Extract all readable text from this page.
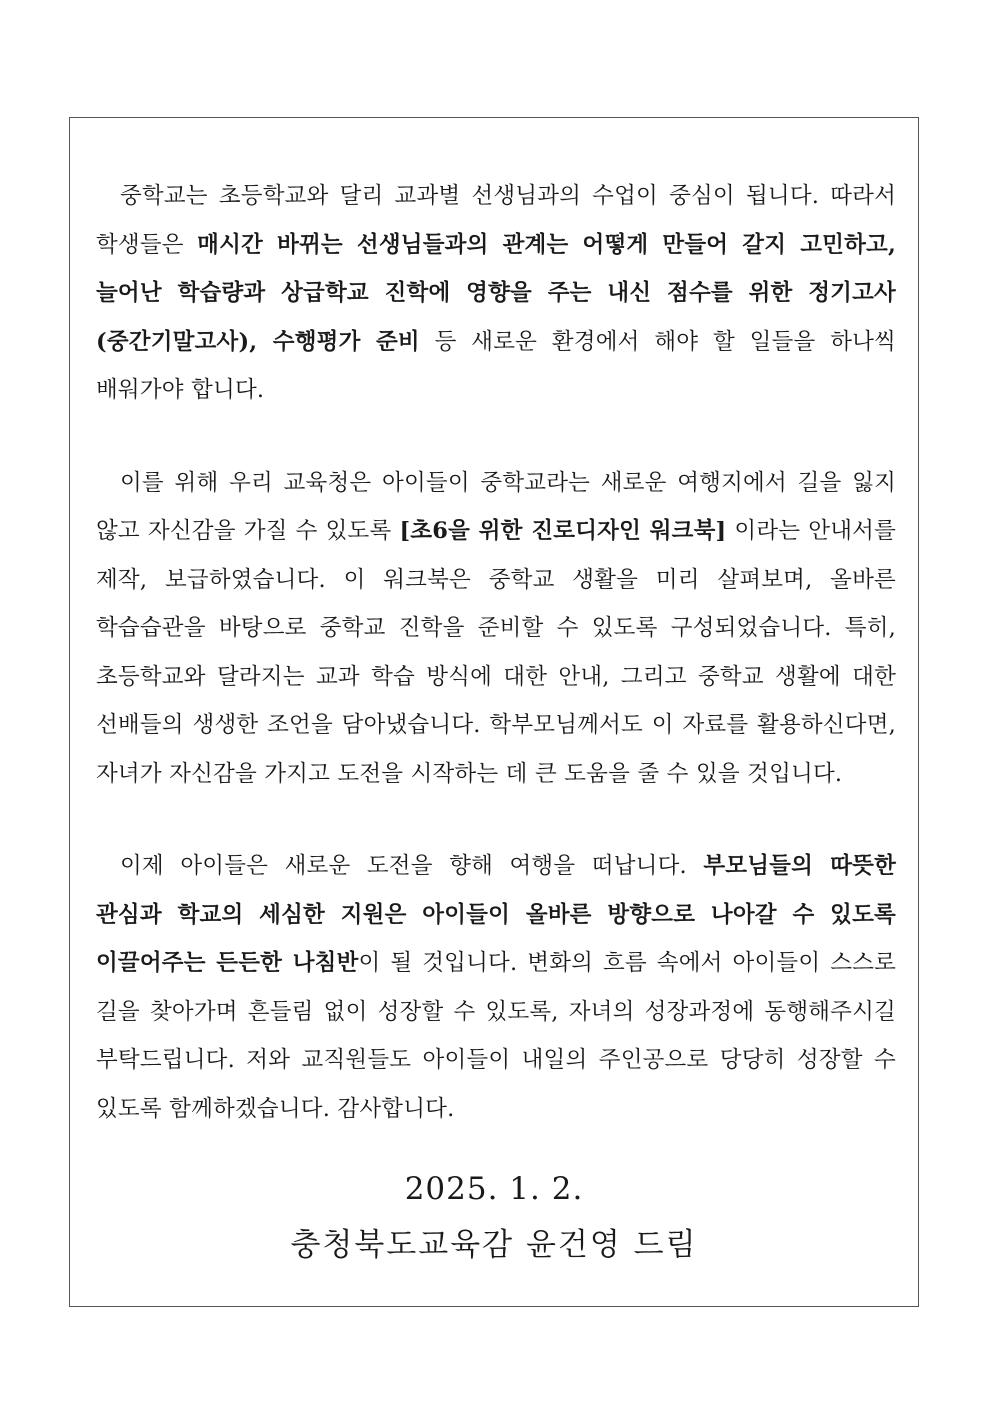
중학교는 초등학교와 달리 교과별 선생님과의 수업이 중심이 됩니다. 따라서 학생들은 매시간 바뀌는 선생님들과의 관계는 어떻게 만들어 갈지 고민하고, 늘어난 학습량과 상급학교 진학에 영향을 주는 내신 점수를 위한 정기고사(중간기말고사), 수행평가 준비 등 새로운 환경에서 해야 할 일들을 하나씩 배워가야 합니다.

이를 위해 우리 교육청은 아이들이 중학교라는 새로운 여행지에서 길을 잃지 않고 자신감을 가질 수 있도록 [초6을 위한 진로디자인 워크북] 이라는 안내서를 제작, 보급하였습니다. 이 워크북은 중학교 생활을 미리 살펴보며, 올바른 학습습관을 바탕으로 중학교 진학을 준비할 수 있도록 구성되었습니다. 특히, 초등학교와 달라지는 교과 학습 방식에 대한 안내, 그리고 중학교 생활에 대한 선배들의 생생한 조언을 담아냈습니다. 학부모님께서도 이 자료를 활용하신다면, 자녀가 자신감을 가지고 도전을 시작하는 데 큰 도움을 줄 수 있을 것입니다.

이제 아이들은 새로운 도전을 향해 여행을 떠납니다. 부모님들의 따뜻한 관심과 학교의 세심한 지원은 아이들이 올바른 방향으로 나아갈 수 있도록 이끌어주는 든든한 나침반이 될 것입니다. 변화의 흐름 속에서 아이들이 스스로 길을 찾아가며 흔들림 없이 성장할 수 있도록, 자녀의 성장과정에 동행해주시길 부탁드립니다. 저와 교직원들도 아이들이 내일의 주인공으로 당당히 성장할 수 있도록 함께하겠습니다. 감사합니다.

2025. 1. 2.
충청북도교육감 윤건영 드림
